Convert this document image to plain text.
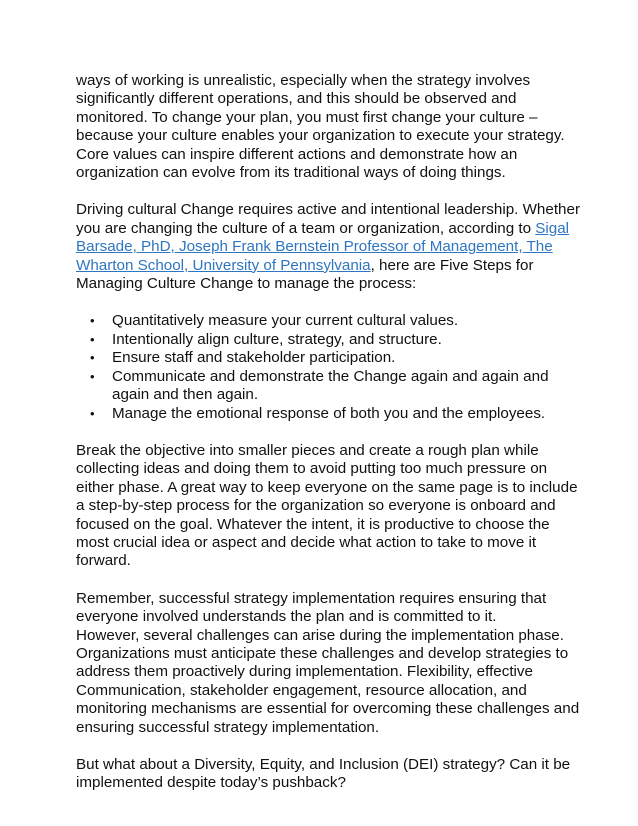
ways of working is unrealistic, especially when the strategy involves
significantly different operations, and this should be observed and
monitored. To change your plan, you must first change your culture –
because your culture enables your organization to execute your strategy.
Core values can inspire different actions and demonstrate how an
organization can evolve from its traditional ways of doing things.

Driving cultural Change requires active and intentional leadership. Whether
you are changing the culture of a team or organization, according to Sigal
Barsade, PhD, Joseph Frank Bernstein Professor of Management, The
Wharton School, University of Pennsylvania, here are Five Steps for
Managing Culture Change to manage the process:

• Quantitatively measure your current cultural values.
• Intentionally align culture, strategy, and structure.
• Ensure staff and stakeholder participation.
• Communicate and demonstrate the Change again and again and
again and then again.
• Manage the emotional response of both you and the employees.

Break the objective into smaller pieces and create a rough plan while
collecting ideas and doing them to avoid putting too much pressure on
either phase. A great way to keep everyone on the same page is to include
a step-by-step process for the organization so everyone is onboard and
focused on the goal. Whatever the intent, it is productive to choose the
most crucial idea or aspect and decide what action to take to move it
forward.

Remember, successful strategy implementation requires ensuring that
everyone involved understands the plan and is committed to it.
However, several challenges can arise during the implementation phase.
Organizations must anticipate these challenges and develop strategies to
address them proactively during implementation. Flexibility, effective
Communication, stakeholder engagement, resource allocation, and
monitoring mechanisms are essential for overcoming these challenges and
ensuring successful strategy implementation.

But what about a Diversity, Equity, and Inclusion (DEI) strategy? Can it be
implemented despite today’s pushback?
